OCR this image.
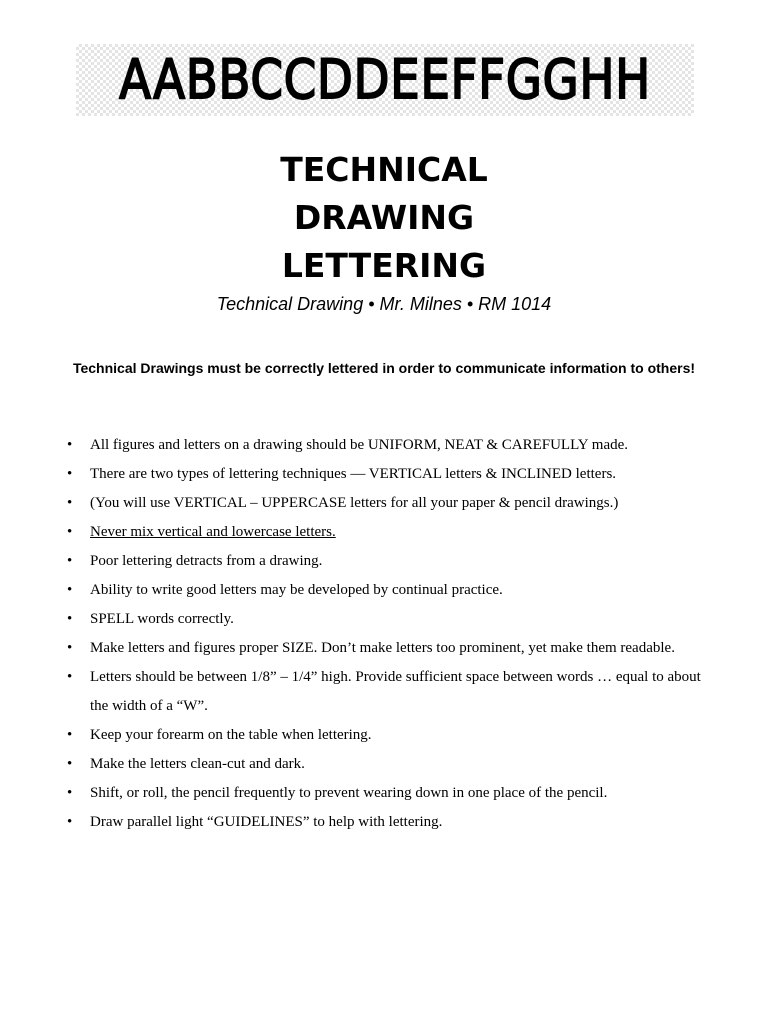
AABBCCDDEEFFGGHH
TECHNICAL
DRAWING
LETTERING
Technical Drawing • Mr. Milnes • RM 1014
Technical Drawings must be correctly lettered in order to communicate information to others!
• All figures and letters on a drawing should be UNIFORM, NEAT & CAREFULLY made.
• There are two types of lettering techniques — VERTICAL letters & INCLINED letters.
• (You will use VERTICAL – UPPERCASE letters for all your paper & pencil drawings.)
• Never mix vertical and lowercase letters.
• Poor lettering detracts from a drawing.
• Ability to write good letters may be developed by continual practice.
• SPELL words correctly.
• Make letters and figures proper SIZE. Don’t make letters too prominent, yet make them readable.
• Letters should be between 1/8” – 1/4” high. Provide sufficient space between words … equal to about the width of a “W”.
• Keep your forearm on the table when lettering.
• Make the letters clean-cut and dark.
• Shift, or roll, the pencil frequently to prevent wearing down in one place of the pencil.
• Draw parallel light “GUIDELINES” to help with lettering.
